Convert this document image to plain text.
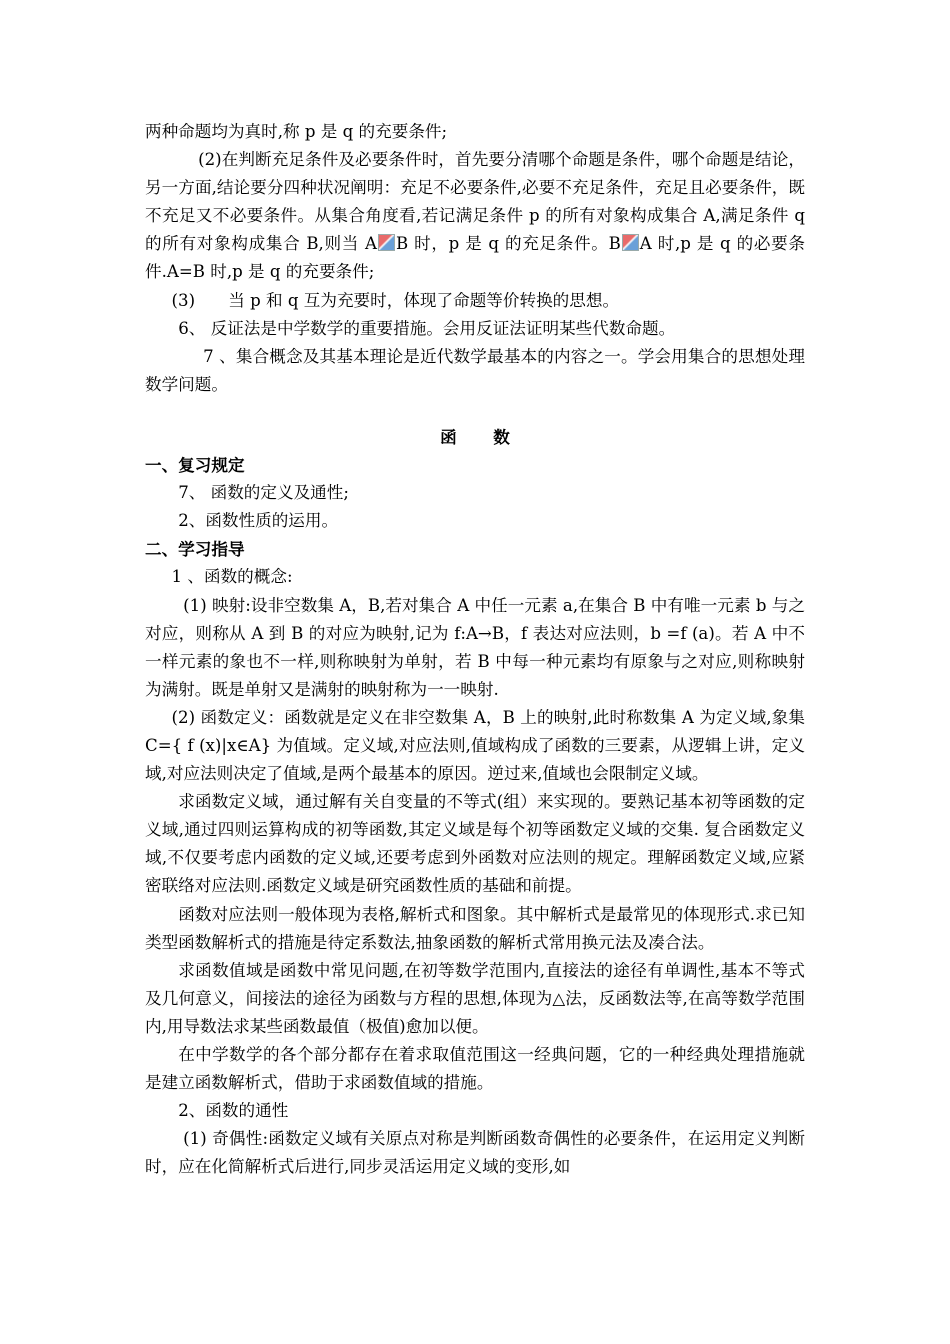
两种命题均为真时,称 p 是 q 的充要条件;

(2)在判断充足条件及必要条件时，首先要分清哪个命题是条件，哪个命题是结论，另一方面,结论要分四种状况阐明：充足不必要条件,必要不充足条件，充足且必要条件，既不充足又不必要条件。从集合角度看,若记满足条件 p 的所有对象构成集合 A,满足条件 q 的所有对象构成集合 B,则当 A B 时，p 是 q 的充足条件。B A 时,p 是 q 的必要条件.A=B 时,p 是 q 的充要条件;

(3)　　当 p 和 q 互为充要时，体现了命题等价转换的思想。

6、 反证法是中学数学的重要措施。会用反证法证明某些代数命题。

7 、集合概念及其基本理论是近代数学最基本的内容之一。学会用集合的思想处理数学问题。

函数

一、复习规定

7、 函数的定义及通性;

2、函数性质的运用。

二、学习指导

1 、函数的概念:

(1) 映射:设非空数集 A，B,若对集合 A 中任一元素 a,在集合 B 中有唯一元素 b 与之对应，则称从 A 到 B 的对应为映射,记为 f:A→B，f 表达对应法则，b =f (a)。若 A 中不一样元素的象也不一样,则称映射为单射，若 B 中每一种元素均有原象与之对应,则称映射为满射。既是单射又是满射的映射称为一一映射.

(2) 函数定义：函数就是定义在非空数集 A，B 上的映射,此时称数集 A 为定义域,象集 C={ f (x)|x∈A} 为值域。定义域,对应法则,值域构成了函数的三要素，从逻辑上讲，定义域,对应法则决定了值域,是两个最基本的原因。逆过来,值域也会限制定义域。

求函数定义域，通过解有关自变量的不等式(组）来实现的。要熟记基本初等函数的定义域,通过四则运算构成的初等函数,其定义域是每个初等函数定义域的交集. 复合函数定义域,不仅要考虑内函数的定义域,还要考虑到外函数对应法则的规定。理解函数定义域,应紧密联络对应法则.函数定义域是研究函数性质的基础和前提。

函数对应法则一般体现为表格,解析式和图象。其中解析式是最常见的体现形式.求已知类型函数解析式的措施是待定系数法,抽象函数的解析式常用换元法及凑合法。

求函数值域是函数中常见问题,在初等数学范围内,直接法的途径有单调性,基本不等式及几何意义，间接法的途径为函数与方程的思想,体现为△法，反函数法等,在高等数学范围内,用导数法求某些函数最值（极值)愈加以便。

在中学数学的各个部分都存在着求取值范围这一经典问题，它的一种经典处理措施就是建立函数解析式，借助于求函数值域的措施。

2、函数的通性

(1) 奇偶性:函数定义域有关原点对称是判断函数奇偶性的必要条件，在运用定义判断时，应在化简解析式后进行,同步灵活运用定义域的变形,如
